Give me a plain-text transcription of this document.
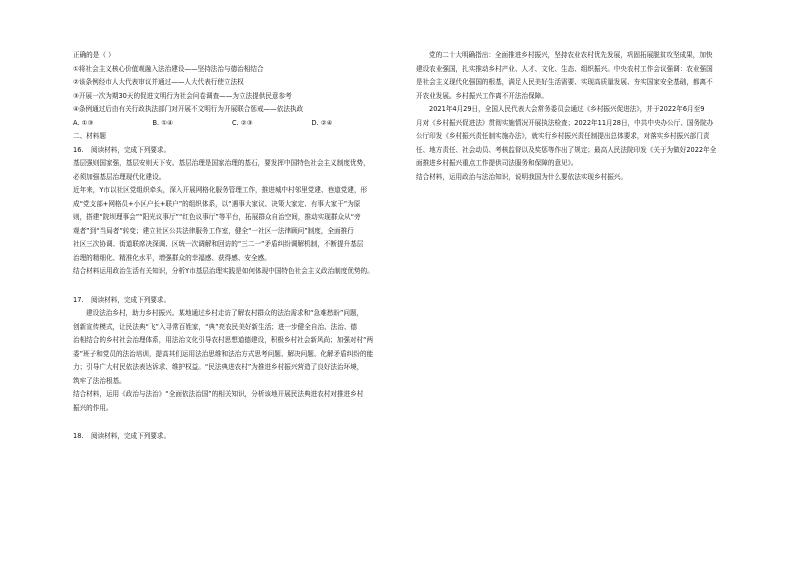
正确的是（ ）
①将社会主义核心价值观融入法治建设——坚持法治与德治相结合
②该条例经市人大代表审议并通过——人大代表行使立法权
③开展一次为期30天的促进文明行为社会问卷调查——为立法提供民意参考
④条例通过后由有关行政执法部门对开展不文明行为开展联合惩戒——依法执政
A. ①③	B. ①④	C. ②③	D. ②④
二、材料题
16. 阅读材料，完成下列要求。
基层强则国家强，基层安则天下安。基层治理是国家治理的基石，要发挥中国特色社会主义制度优势，
必须加强基层治理现代化建设。
近年来，Y市以社区党组织牵头，深入开展网格化服务管理工作，推进城中村邻里党建、巷道党建，形
成“党支部+网格员+小区户长+联户”的组织体系，以“遇事大家议、决策大家定、有事大家干”为原
则，搭建“院坝理事会”“阳光议事厅”“红色议事厅”等平台，拓展群众自治空间，推动实现群众从“旁
观者”到“当局者”转变；建立社区公共法律服务工作室，健全“一社区一法律顾问”制度，全面推行
社区三次协调、街道联席决深调、区统一次调解和回访的“三二一”矛盾纠纷调解机制，不断提升基层
治理的精细化、精准化水平，增强群众的幸福感、获得感、安全感。
结合材料运用政治生活有关知识，分析Y市基层治理实践是如何体现中国特色社会主义政治制度优势的。
17. 阅读材料，完成下列要求。
建设法治乡村，助力乡村振兴。某地通过乡村走访了解农村群众的法治需求和“急难愁盼”问题，
创新宣传模式，让民法典“飞”入寻常百姓家，“典”亮农民美好新生活；进一步健全自治、法治、德
治相结合的乡村社会治理体系，用法治文化引导农村思想道德建设，积极乡村社会新风尚；加强对村“两
委”班子和党员的法治培训，提高其们运用法治思维和法治方式思考问题、解决问题、化解矛盾纠纷的能
力；引导广大村民依法表达诉求、维护权益。“民法典进农村”为推进乡村振兴营造了良好法治环境，
筑牢了法治根基。
结合材料，运用《政治与法治》“全面依法治国”的相关知识，分析该地开展民法典进农村对推进乡村
振兴的作用。
18. 阅读材料，完成下列要求。
党的二十大明确指出：全面推进乡村振兴，坚持农业农村优先发展，巩固拓展脱贫攻坚成果，加快
建设农业强国，扎实推动乡村产业、人才、文化、生态、组织振兴。中央农村工作会议强调：农业强国
是社会主义现代化强国的根基，满足人民美好生活需要、实现高质量发展、夯实国家安全基础，都离不
开农业发展。乡村振兴工作离不开法治保障。
2021年4月29日，全国人民代表大会常务委员会通过《乡村振兴促进法》，并于2022年6月至9
月对《乡村振兴促进法》贯彻实施情况开展执法检查；2022年11月28日，中共中央办公厅、国务院办
公厅印发《乡村振兴责任制实施办法》，就实行乡村振兴责任制提出总体要求，对落实乡村振兴部门责
任、地方责任、社会动员、考核监督以及奖惩等作出了规定；最高人民法院印发《关于为做好2022年全
面推进乡村振兴重点工作提供司法服务和保障的意见》。
结合材料，运用政治与法治知识，说明我国为什么要依法实现乡村振兴。
